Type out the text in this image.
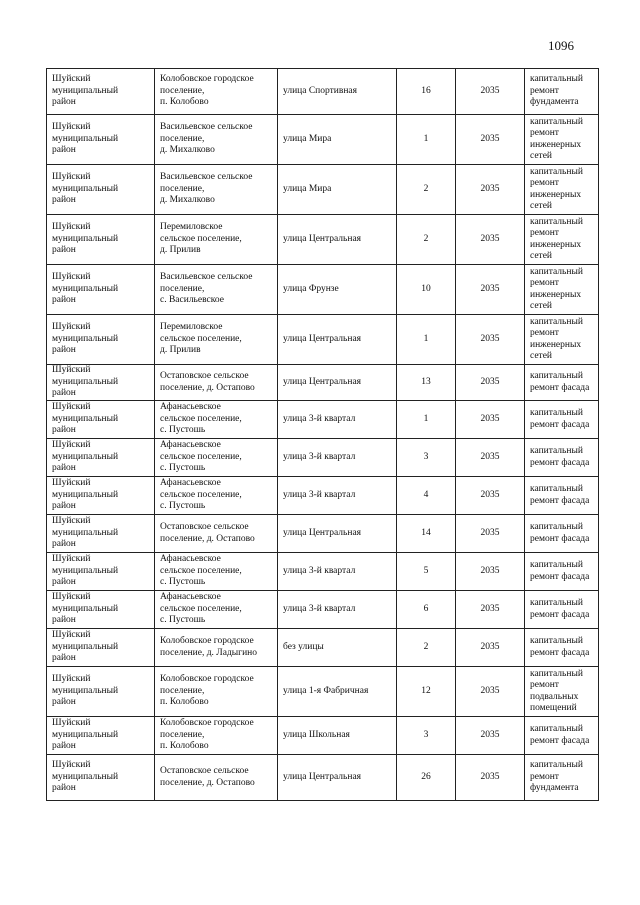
1096
Шуйский
муниципальный
район	Колобовское городское
поселение,
п. Колобово	улица Спортивная	16	2035	капитальный
ремонт
фундамента
Шуйский
муниципальный
район	Васильевское сельское
поселение,
д. Михалково	улица Мира	1	2035	капитальный
ремонт
инженерных
сетей
Шуйский
муниципальный
район	Васильевское сельское
поселение,
д. Михалково	улица Мира	2	2035	капитальный
ремонт
инженерных
сетей
Шуйский
муниципальный
район	Перемиловское
сельское поселение,
д. Прилив	улица Центральная	2	2035	капитальный
ремонт
инженерных
сетей
Шуйский
муниципальный
район	Васильевское сельское
поселение,
с. Васильевское	улица Фрунзе	10	2035	капитальный
ремонт
инженерных
сетей
Шуйский
муниципальный
район	Перемиловское
сельское поселение,
д. Прилив	улица Центральная	1	2035	капитальный
ремонт
инженерных
сетей
Шуйский
муниципальный
район	Остаповское сельское
поселение, д. Остапово	улица Центральная	13	2035	капитальный
ремонт фасада
Шуйский
муниципальный
район	Афанасьевское
сельское поселение,
с. Пустошь	улица 3-й квартал	1	2035	капитальный
ремонт фасада
Шуйский
муниципальный
район	Афанасьевское
сельское поселение,
с. Пустошь	улица 3-й квартал	3	2035	капитальный
ремонт фасада
Шуйский
муниципальный
район	Афанасьевское
сельское поселение,
с. Пустошь	улица 3-й квартал	4	2035	капитальный
ремонт фасада
Шуйский
муниципальный
район	Остаповское сельское
поселение, д. Остапово	улица Центральная	14	2035	капитальный
ремонт фасада
Шуйский
муниципальный
район	Афанасьевское
сельское поселение,
с. Пустошь	улица 3-й квартал	5	2035	капитальный
ремонт фасада
Шуйский
муниципальный
район	Афанасьевское
сельское поселение,
с. Пустошь	улица 3-й квартал	6	2035	капитальный
ремонт фасада
Шуйский
муниципальный
район	Колобовское городское
поселение, д. Ладыгино	без улицы	2	2035	капитальный
ремонт фасада
Шуйский
муниципальный
район	Колобовское городское
поселение,
п. Колобово	улица 1-я Фабричная	12	2035	капитальный
ремонт
подвальных
помещений
Шуйский
муниципальный
район	Колобовское городское
поселение,
п. Колобово	улица Школьная	3	2035	капитальный
ремонт фасада
Шуйский
муниципальный
район	Остаповское сельское
поселение, д. Остапово	улица Центральная	26	2035	капитальный
ремонт
фундамента
